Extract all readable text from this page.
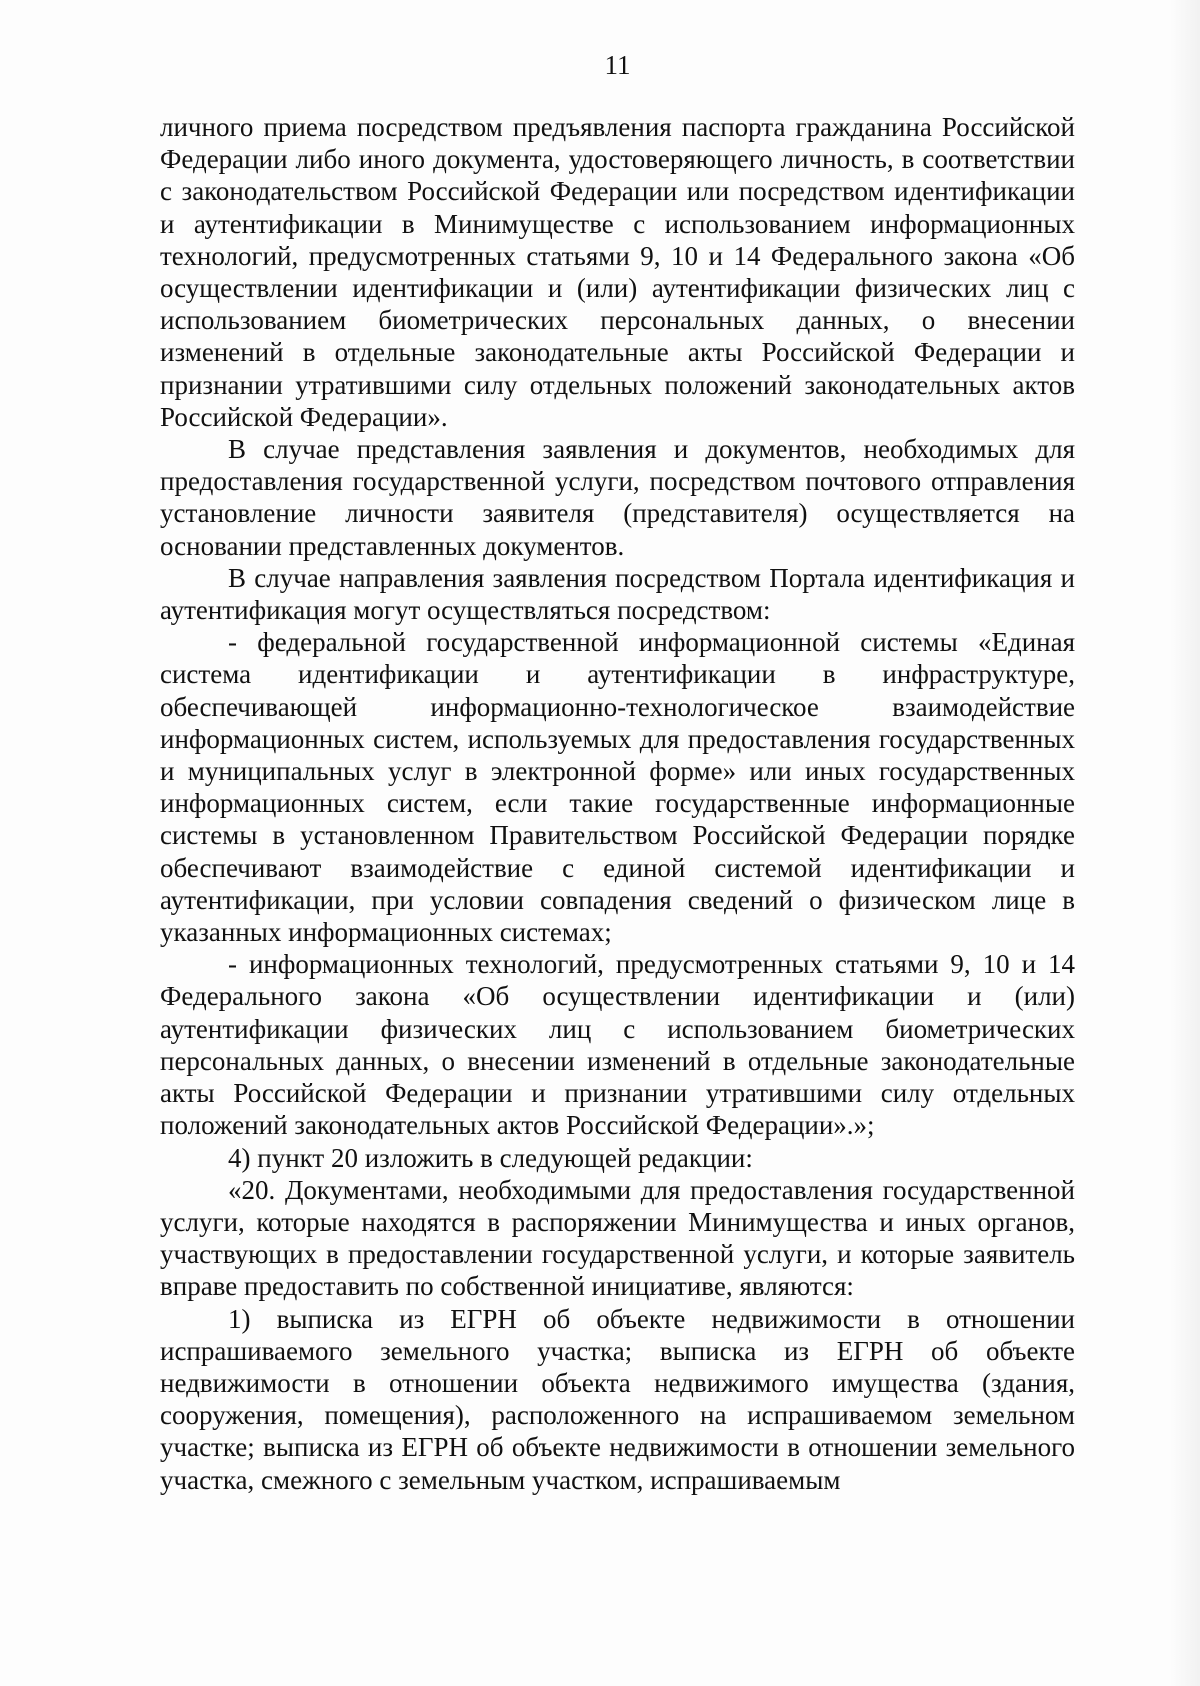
11

личного приема посредством предъявления паспорта гражданина Российской Федерации либо иного документа, удостоверяющего личность, в соответствии с законодательством Российской Федерации или посредством идентификации и аутентификации в Минимуществе с использованием информационных технологий, предусмотренных статьями 9, 10 и 14 Федерального закона «Об осуществлении идентификации и (или) аутентификации физических лиц с использованием биометрических персональных данных, о внесении изменений в отдельные законодательные акты Российской Федерации и признании утратившими силу отдельных положений законодательных актов Российской Федерации».

В случае представления заявления и документов, необходимых для предоставления государственной услуги, посредством почтового отправления установление личности заявителя (представителя) осуществляется на основании представленных документов.

В случае направления заявления посредством Портала идентификация и аутентификация могут осуществляться посредством:

- федеральной государственной информационной системы «Единая система идентификации и аутентификации в инфраструктуре, обеспечивающей информационно-технологическое взаимодействие информационных систем, используемых для предоставления государственных и муниципальных услуг в электронной форме» или иных государственных информационных систем, если такие государственные информационные системы в установленном Правительством Российской Федерации порядке обеспечивают взаимодействие с единой системой идентификации и аутентификации, при условии совпадения сведений о физическом лице в указанных информационных системах;

- информационных технологий, предусмотренных статьями 9, 10 и 14 Федерального закона «Об осуществлении идентификации и (или) аутентификации физических лиц с использованием биометрических персональных данных, о внесении изменений в отдельные законодательные акты Российской Федерации и признании утратившими силу отдельных положений законодательных актов Российской Федерации».»;

4) пункт 20 изложить в следующей редакции:

«20. Документами, необходимыми для предоставления государственной услуги, которые находятся в распоряжении Минимущества и иных органов, участвующих в предоставлении государственной услуги, и которые заявитель вправе предоставить по собственной инициативе, являются:

1) выписка из ЕГРН об объекте недвижимости в отношении испрашиваемого земельного участка; выписка из ЕГРН об объекте недвижимости в отношении объекта недвижимого имущества (здания, сооружения, помещения), расположенного на испрашиваемом земельном участке; выписка из ЕГРН об объекте недвижимости в отношении земельного участка, смежного с земельным участком, испрашиваемым
